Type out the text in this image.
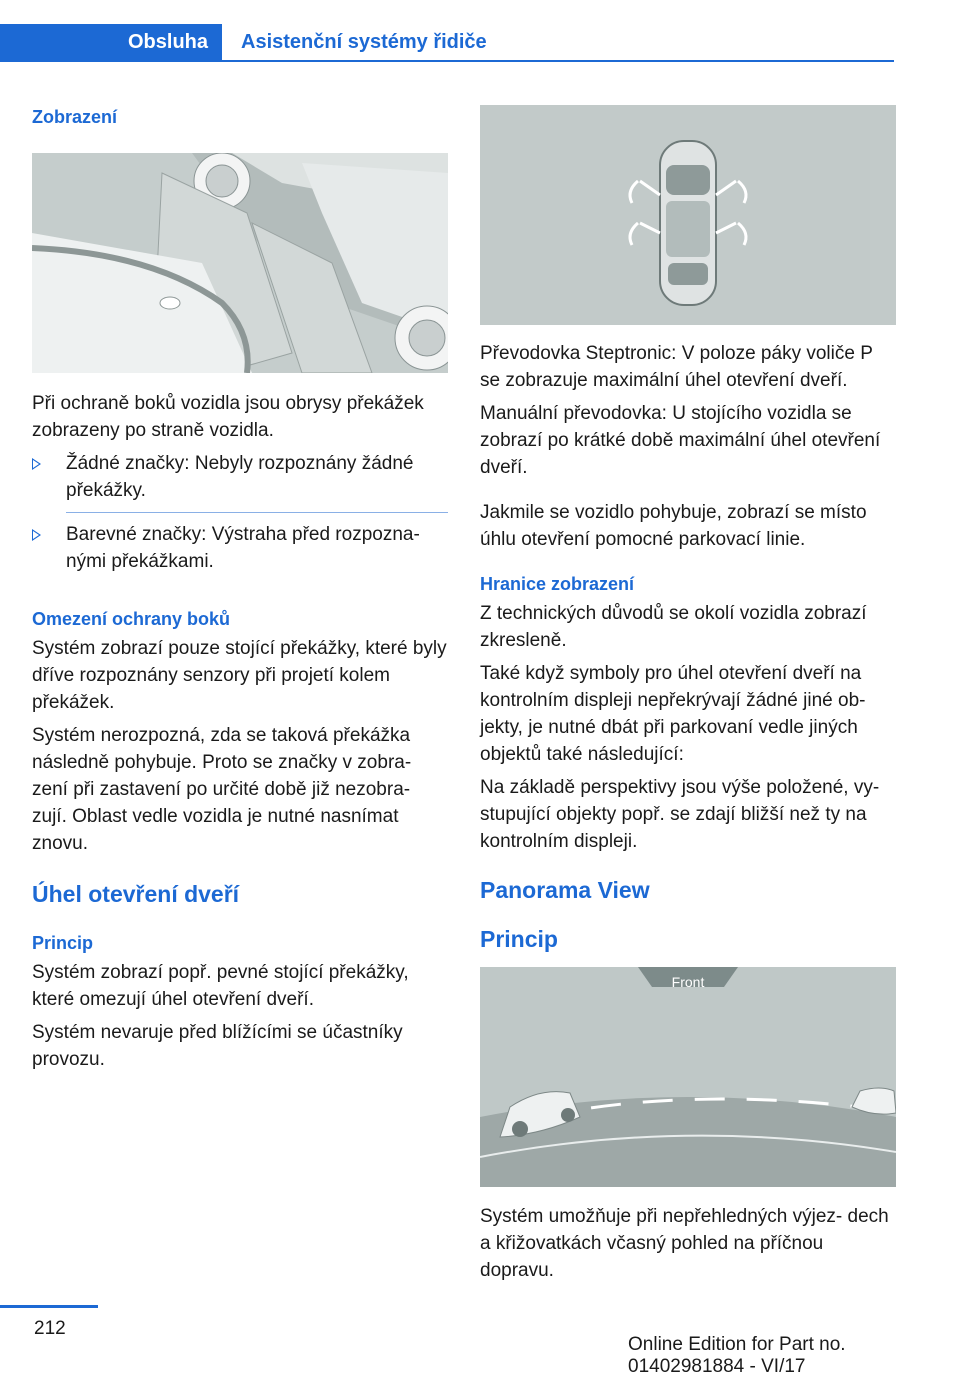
Obsluha	Asistenční systémy řidiče
Zobrazení

Při ochraně boků vozidla jsou obrysy překážek zobrazeny po straně vozidla.

Žádné značky: Nebyly rozpoznány žádné překážky.
Barevné značky: Výstraha před rozpozna‐ nými překážkami.
Omezení ochrany boků

Systém zobrazí pouze stojící překážky, které byly dříve rozpoznány senzory při projetí kolem překážek.

Systém nerozpozná, zda se taková překážka následně pohybuje. Proto se značky v zobra‐ zení při zastavení po určité době již nezobra‐ zují. Oblast vedle vozidla je nutné nasnímat znovu.

Úhel otevření dveří
Princip

Systém zobrazí popř. pevné stojící překážky, které omezují úhel otevření dveří.

Systém nevaruje před blížícími se účastníky provozu.

Převodovka Steptronic: V poloze páky voliče P se zobrazuje maximální úhel otevření dveří.

Manuální převodovka: U stojícího vozidla se zobrazí po krátké době maximální úhel otevření dveří.

Jakmile se vozidlo pohybuje, zobrazí se místo úhlu otevření pomocné parkovací linie.

Hranice zobrazení

Z technických důvodů se okolí vozidla zobrazí zkresleně.

Také když symboly pro úhel otevření dveří na kontrolním displeji nepřekrývají žádné jiné ob‐ jekty, je nutné dbát při parkovaní vedle jiných objektů také následující:

Na základě perspektivy jsou výše položené, vy‐ stupující objekty popř. se zdají bližší než ty na kontrolním displeji.

Panorama View
Princip
Front

Systém umožňuje při nepřehledných výjez‐ dech a křižovatkách včasný pohled na příčnou dopravu.

212
Online Edition for Part no. 01402981884 - VI/17
